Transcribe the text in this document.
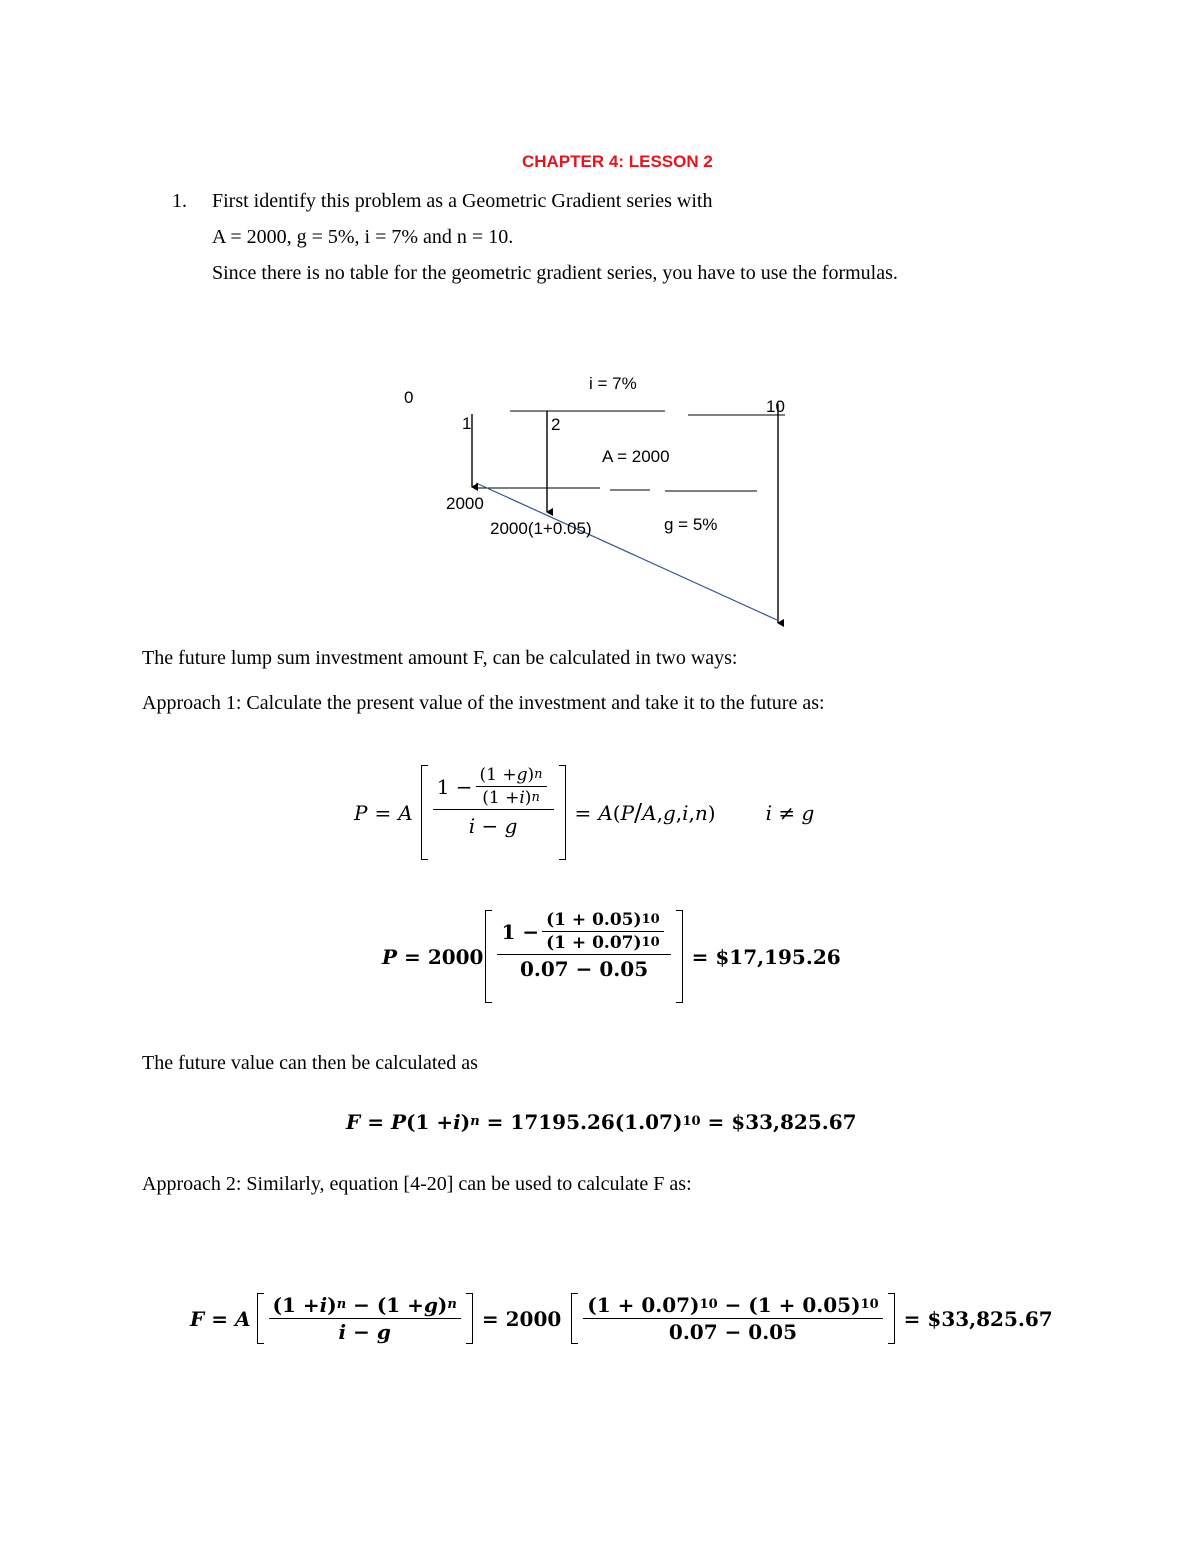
CHAPTER 4: LESSON 2
1. First identify this problem as a Geometric Gradient series with
A = 2000, g = 5%, i = 7% and n = 10.
Since there is no table for the geometric gradient series, you have to use the formulas.
0
1	2
10
i = 7%
A = 2000
2000
2000(1+0.05)	g = 5%
The future lump sum investment amount F, can be calculated in two ways:
Approach 1: Calculate the present value of the investment and take it to the future as:
P = A $\frac{1 - \frac{(1 + g ) n}{(1 + i ) n}}{i - g} = A$ ( P / A , g , i , n )	i ≠ g
$P = 2000 \frac{1 - \frac{(1 + 0.05) 10}{(1 + 0.07) 10}}{0.07 - 0.05}$ = $17,195.26
The future value can then be calculated as
F = P (1 + i ) n = 17195.26 (1.07) 10 = $33,825.67
Approach 2: Similarly, equation [4-20] can be used to calculate F as:
F = A $\frac{(1 + i ) n - (1 + g ) n}{i - g} = 2000 \frac{(1 + 0.07) 10 - (1 + 0.05) 10}{0.07 - 0.05}$ = $33,825.67
